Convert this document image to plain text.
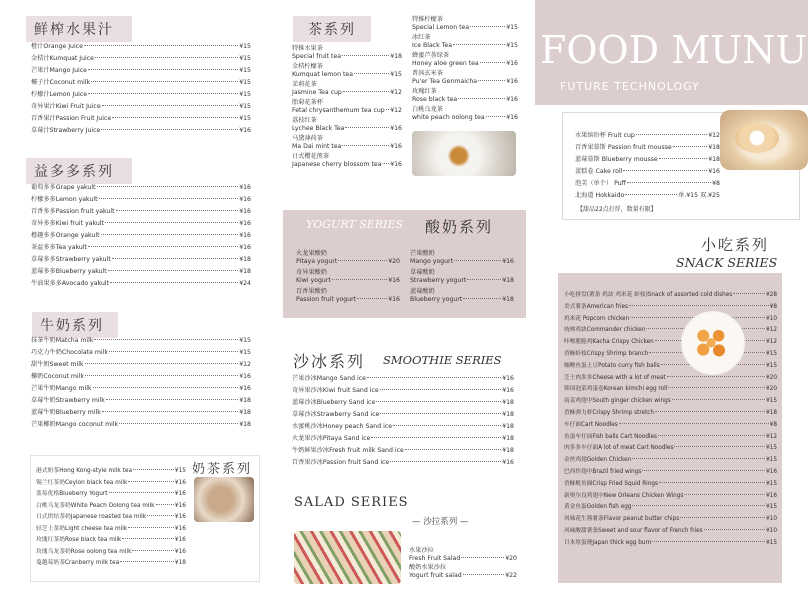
鲜榨水果汁
橙汁Orange Juice	¥15
金桔汁Kumquat Juice	¥15
芒果汁Mango Juice	¥15
椰子汁Coconut milk	¥15
柠檬汁Lemon Juice	¥15
奇异果汁Kiwi Fruit Juice	¥15
百香果汁Passion Fruit Juice	¥15
草莓汁Strawberry Juice	¥16
益多多系列
葡萄多多Grape yakult	¥16
柠檬多多Lemon yakult	¥16
百香多多Passion fruit yakult	¥16
奇异多多Kiwi fruit yakult	¥16
橙趣多多Orange yakult	¥16
茶益多多Tea yakult	¥16
草莓多多Strawberry yakult	¥18
蓝莓多多Blueberry yakult	¥18
牛油果多多Avocado yakult	¥24
牛奶系列
抹茶牛奶Matcha milk	¥15
巧克力牛奶Chocolate milk	¥15
甜牛奶Sweet milk	¥12
椰奶Coconut milk	¥16
芒果牛奶Mango milk	¥16
草莓牛奶Strawberry milk	¥18
蓝莓牛奶Blueberry milk	¥18
芒果椰奶Mango coconut milk	¥18
港式奶茶Hong Kong-style milk tea	¥15
锡兰红茶奶Ceylon black tea milk	¥16
蓝莓优格Blueberry Yogurt	¥16
白桃乌龙茶奶White Peach Oolong tea milk	¥16
日式烘焙茶奶Japanese roasted tea milk	¥16
轻芝士茶奶Light cheese tea milk	¥16
玫瑰红茶奶Rose black tea milk	¥16
玫瑰乌龙茶奶Rose oolong tea milk	¥16
蔓越莓奶茶Cranberry milk tea	¥18
奶茶系列
茶系列
特推水果茶
Special fruit tea	¥18
金桔柠檬茶
Kumquat lemon tea	¥15
茉莉花茶
Jasmine Tea cup	¥12
胎菊花茶杯
Fetal chrysanthemum tea cup ¥12
荔枝红茶
Lychee Black Tea	¥16
马黛薄荷茶
Ma Dai mint tea	¥16
日式樱花煎茶
Japanese cherry blossom tea ¥16
特推柠檬茶
Special Lemon tea	¥15
冰红茶
Ice Black Tea	¥15
蜂蜜芦荟绿茶
Honey aloe green tea	¥16
普洱玄米茶
Pu'er Tea Genmaicha	¥16
玫瑰红茶
Rose black tea	¥16
白桃乌龙茶
white peach oolong tea	¥16
YOGURT SERIES 酸奶系列
火龙果酸奶
Pitaya yogurt	¥20
奇异果酸奶
Kiwi yogurt	¥16
百香果酸奶
Passion fruit yogurt	¥16
芒果酸奶
Mango yogurt	¥16
草莓酸奶
Strawberry yogurt	¥18
蓝莓酸奶
Blueberry yogurt	¥18
沙冰系列 SMOOTHIE SERIES
芒果沙冰Mango Sand ice	¥16
奇异果沙冰Kiwi fruit Sand ice	¥16
蓝莓沙冰Blueberry Sand ice	¥18
草莓沙冰Strawberry Sand ice	¥18
水蜜桃沙冰Honey peach Sand ice	¥18
火龙果沙冰Pitaya Sand ice	¥18
牛奶鲜果沙冰Fresh fruit milk Sand ice	¥18
百香果沙冰Passion fruit Sand ice	¥16
SALAD SERIES
— 沙拉系列 —
水果沙拉
Fresh Fruit Salad	¥20
酸奶水果沙拉
Yogurt fruit salad	¥22
FOOD MUNU
FUTURE TECHNOLOGY
水果缤纷杯 Fruit cup	¥12
百香果慕斯 Passion fruit mousse	¥18
蓝莓慕斯 Blueberry mousse	¥18
蛋糕卷 Cake roll	¥16
泡芙（单个） Puff	¥8
北海道 Hokkaido	单.¥15 双.¥25
【甜品22点打烊，数量有限】
小吃系列
SNACK SERIES
小吃拼盘(薯条 鸡块 鸡米花 虾枝)Snack of assorted cold dishes	¥28
美式薯条American fries	¥8
鸡米花 Popcorn chicken	¥10
统帅鸡块Commander chicken	¥12
咔嚓脆脆鸡Kacha Crispy Chicken	¥12
香酥虾枝Crispy Shrimp branch	¥15
咖喱鱼蛋土豆Potato curry fish balls	¥15
芝士肉多多Cheese with a lot of meat	¥20
韩国泡菜鸡蛋卷Korean kimchi egg roll	¥20
南姜鸡翅中South ginger chicken wings	¥15
香酥弹力虾Crispy Shrimp stretch	¥18
车仔面Cart Noodles	¥8
鱼蛋车仔面Fish balls Cart Noodles	¥12
肉多多车仔面A lot of meat Cart Noodles	¥15
金丝鸡翅Golden Chicken	¥15
巴西炸翅中Brazil fried wings	¥16
香酥鱿鱼圈Crisp Fried Squid Rings	¥15
新奥尔良鸡翅中New Orleans Chicken Wings	¥16
黄金鱼蛋Golden fish egg	¥15
风味花生酱薯条Flavor peanut butter chips	¥10
风味酸甜薯条Sweet and sour flavor of French fries	¥10
日本厚蛋烧Japan thick egg burn	¥15
